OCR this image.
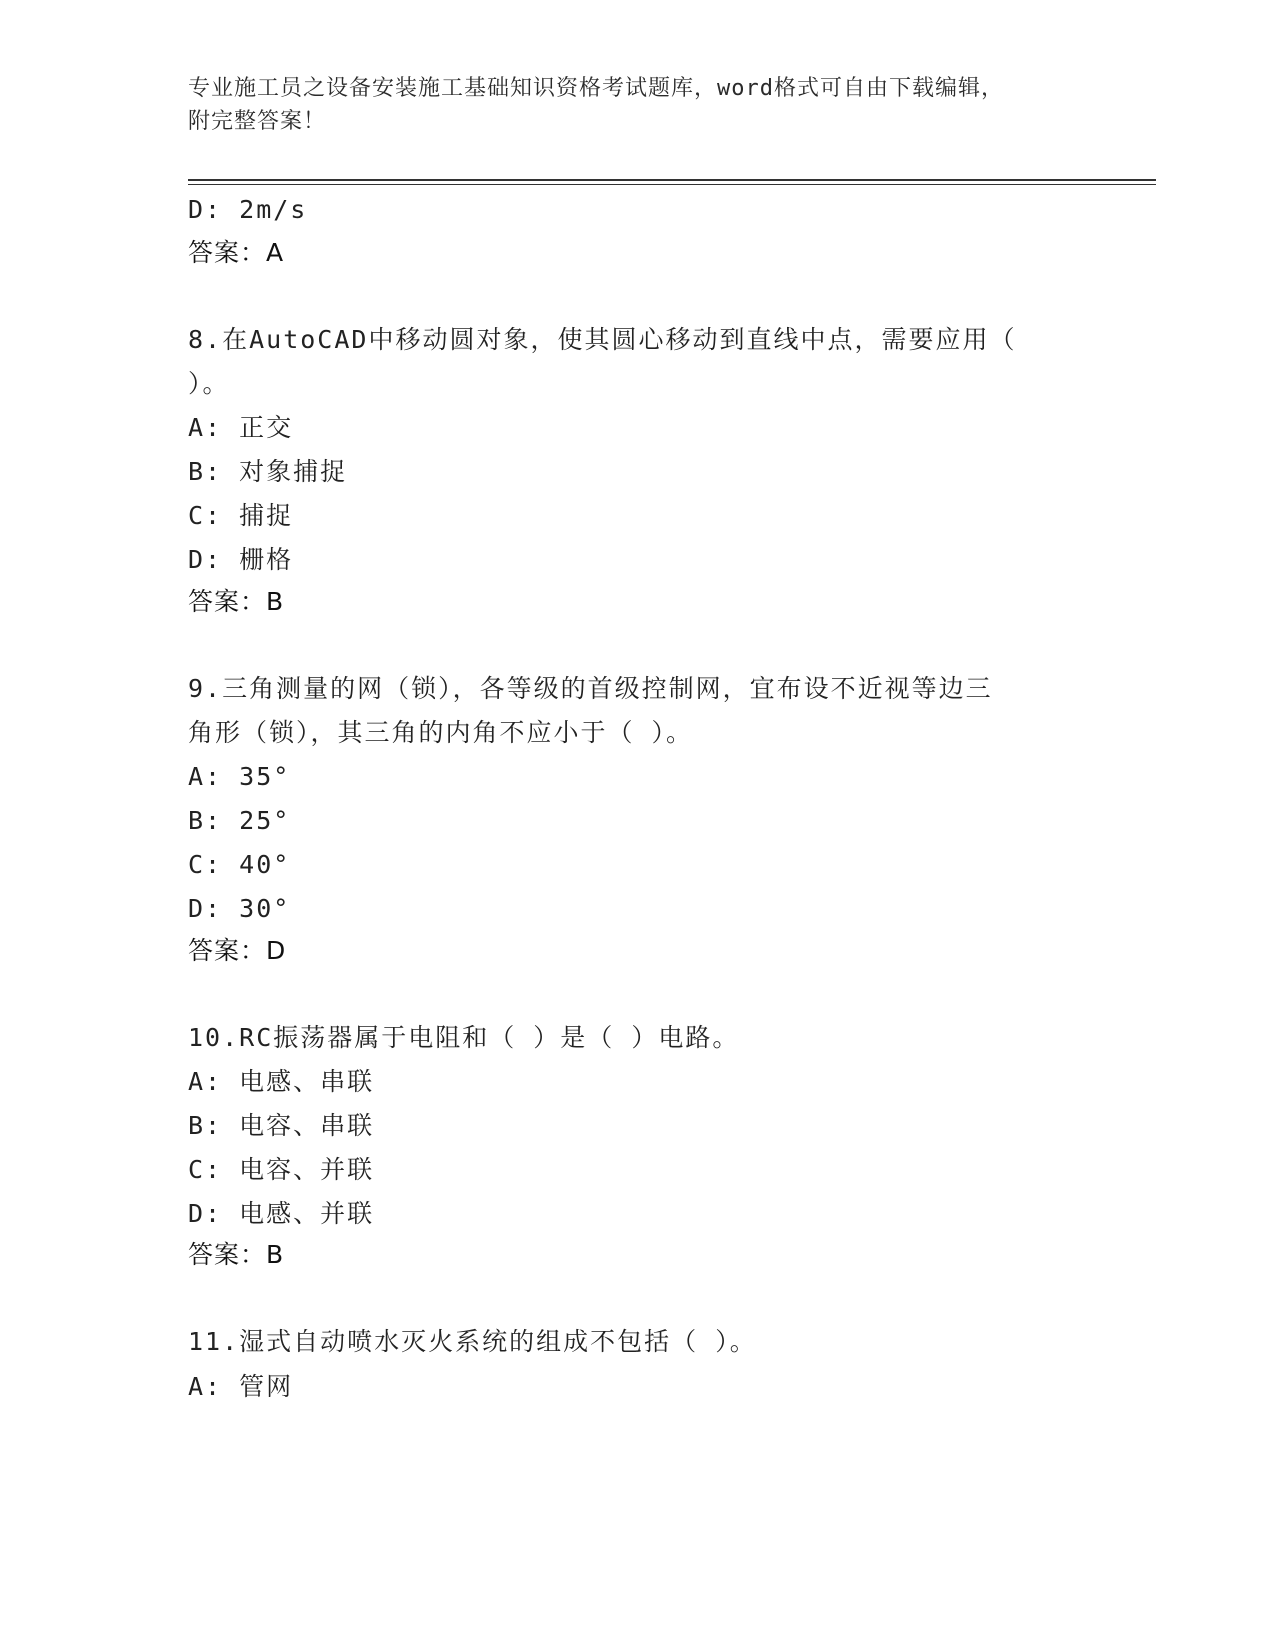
专业施工员之设备安装施工基础知识资格考试题库，word格式可自由下载编辑，
附完整答案！
D: 2m/s
答案：A
8.在AutoCAD中移动圆对象，使其圆心移动到直线中点，需要应用（
）。
A: 正交
B: 对象捕捉
C: 捕捉
D: 栅格
答案：B
9.三角测量的网（锁），各等级的首级控制网，宜布设不近视等边三
角形（锁），其三角的内角不应小于（ ）。
A: 35°
B: 25°
C: 40°
D: 30°
答案：D
10.RC振荡器属于电阻和（ ）是（ ）电路。
A: 电感、串联
B: 电容、串联
C: 电容、并联
D: 电感、并联
答案：B
11.湿式自动喷水灭火系统的组成不包括（ ）。
A: 管网
